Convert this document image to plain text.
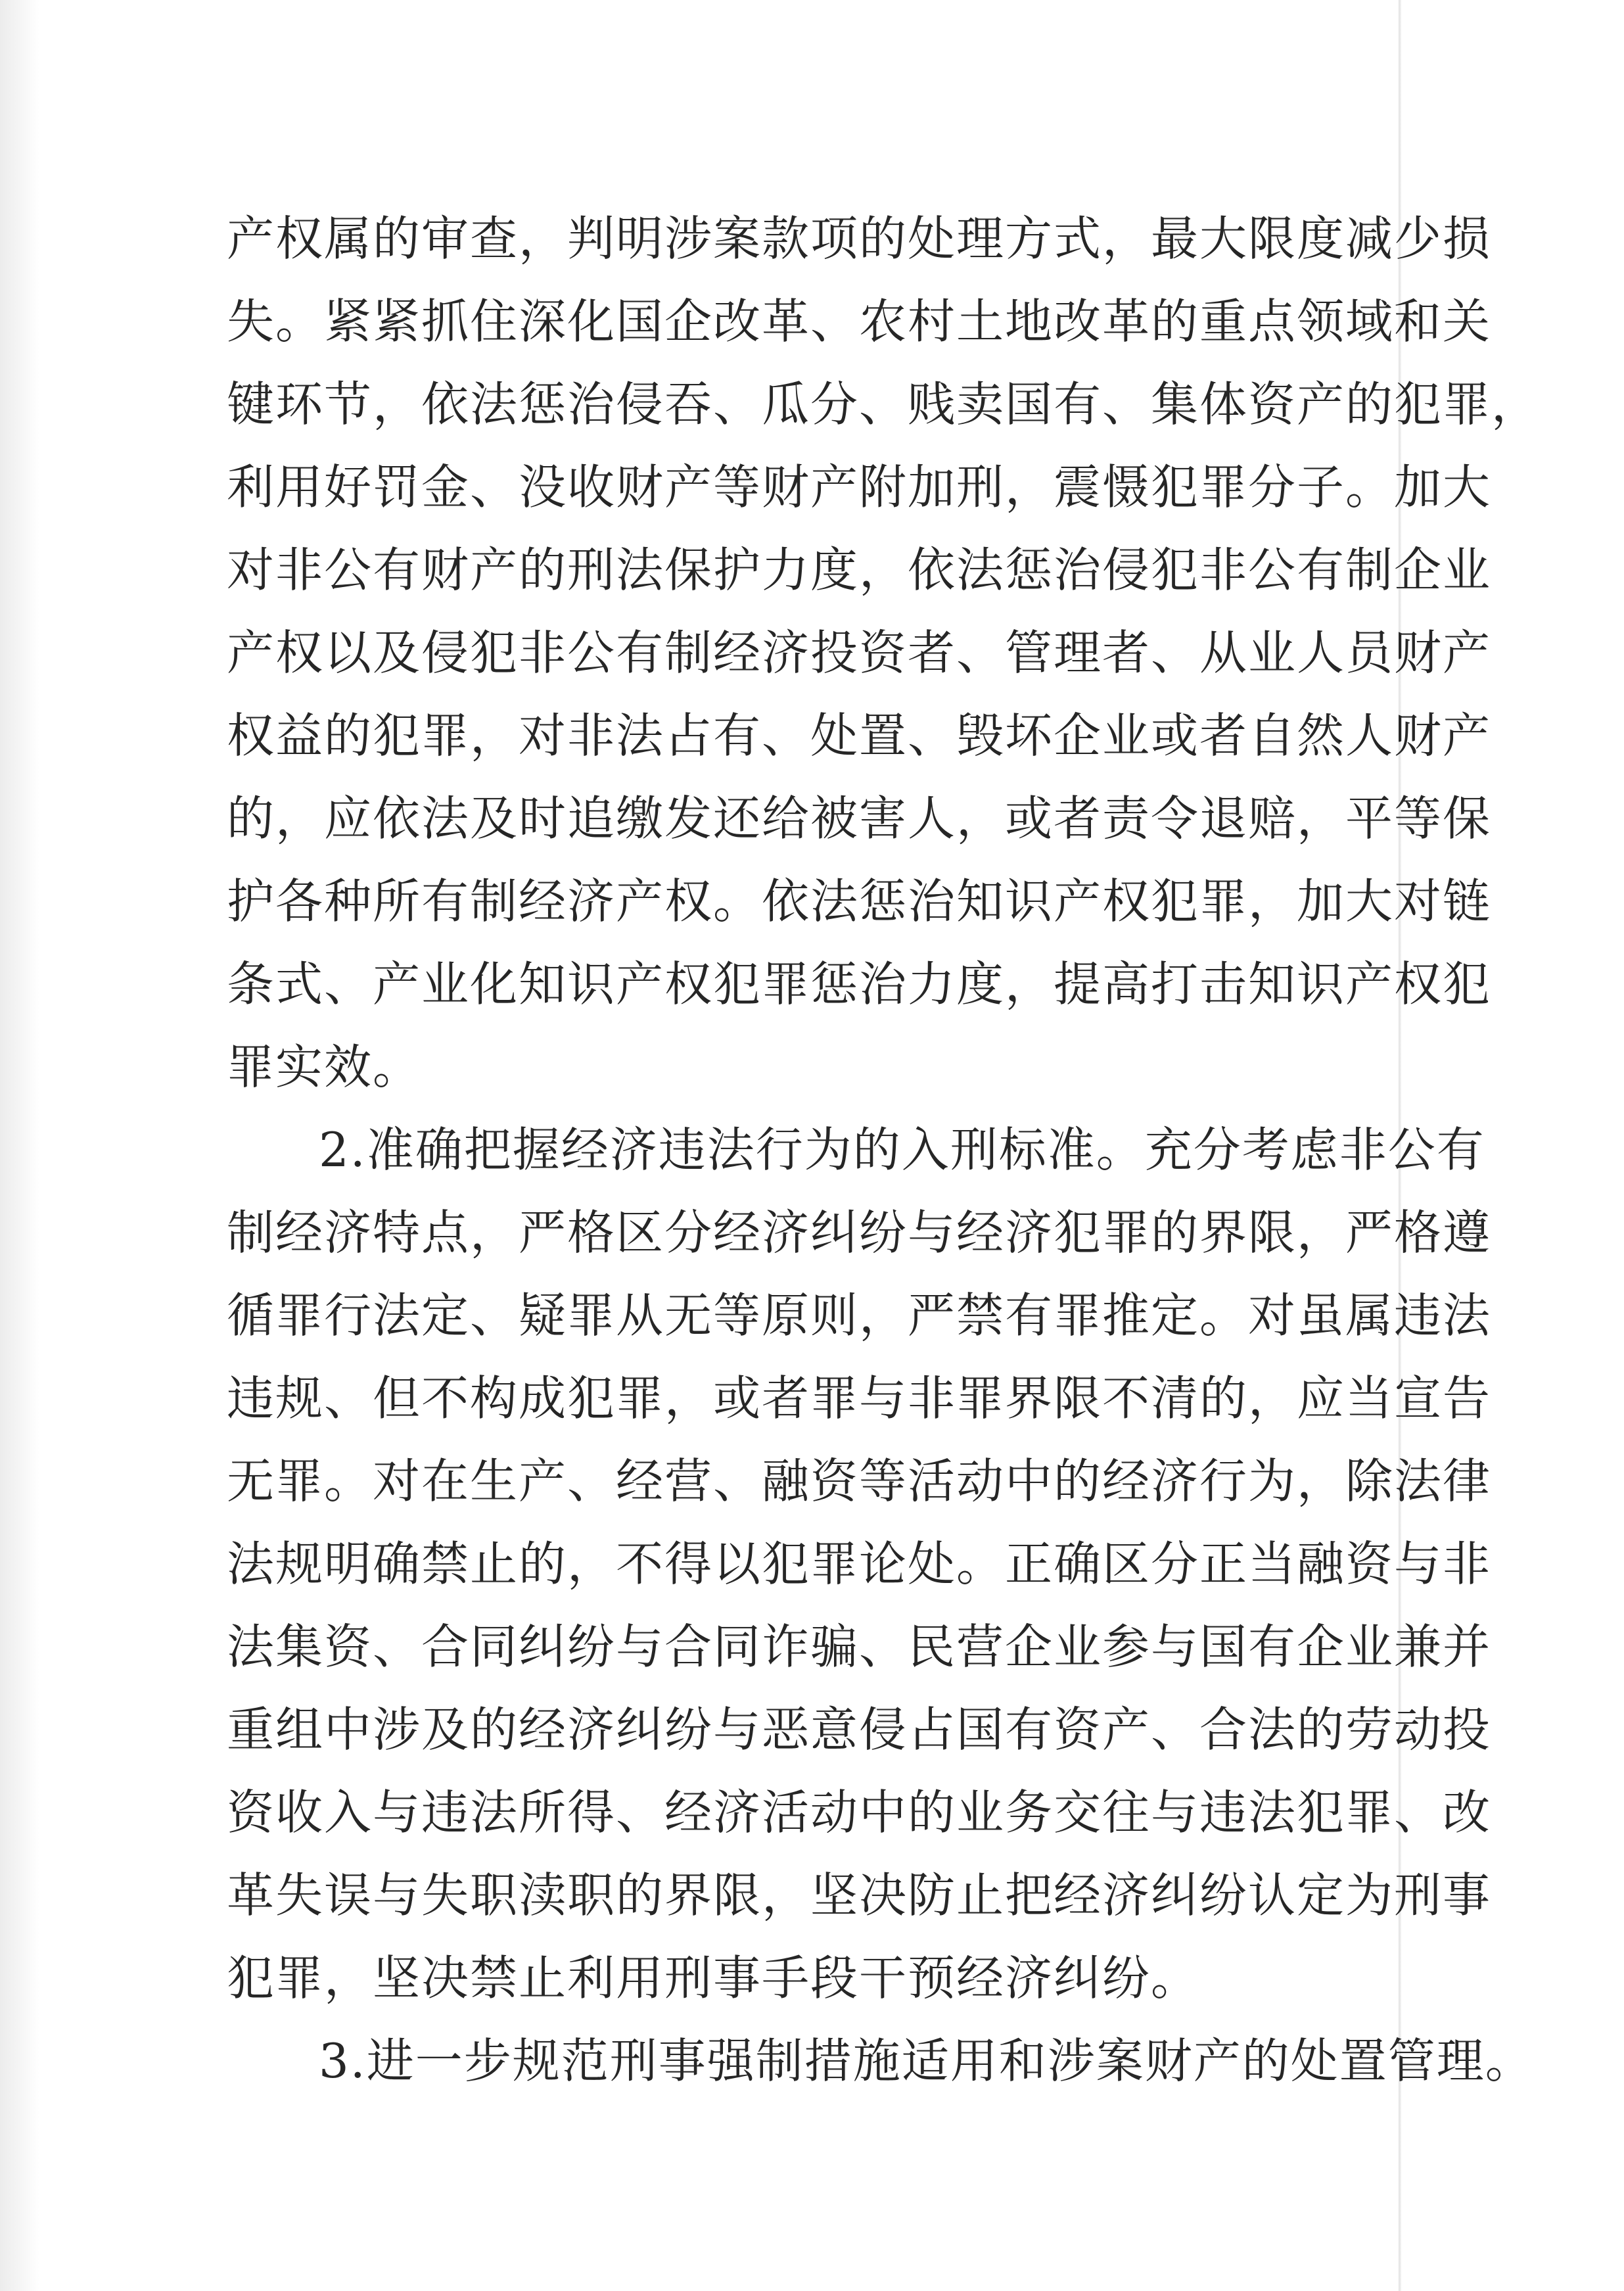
产权属的审查，判明涉案款项的处理方式，最大限度减少损
失。紧紧抓住深化国企改革、农村土地改革的重点领域和关
键环节，依法惩治侵吞、瓜分、贱卖国有、集体资产的犯罪，
利用好罚金、没收财产等财产附加刑，震慑犯罪分子。加大
对非公有财产的刑法保护力度，依法惩治侵犯非公有制企业
产权以及侵犯非公有制经济投资者、管理者、从业人员财产
权益的犯罪，对非法占有、处置、毁坏企业或者自然人财产
的，应依法及时追缴发还给被害人，或者责令退赔，平等保
护各种所有制经济产权。依法惩治知识产权犯罪，加大对链
条式、产业化知识产权犯罪惩治力度，提高打击知识产权犯
罪实效。
2.准确把握经济违法行为的入刑标准。充分考虑非公有
制经济特点，严格区分经济纠纷与经济犯罪的界限，严格遵
循罪行法定、疑罪从无等原则，严禁有罪推定。对虽属违法
违规、但不构成犯罪，或者罪与非罪界限不清的，应当宣告
无罪。对在生产、经营、融资等活动中的经济行为，除法律
法规明确禁止的，不得以犯罪论处。正确区分正当融资与非
法集资、合同纠纷与合同诈骗、民营企业参与国有企业兼并
重组中涉及的经济纠纷与恶意侵占国有资产、合法的劳动投
资收入与违法所得、经济活动中的业务交往与违法犯罪、改
革失误与失职渎职的界限，坚决防止把经济纠纷认定为刑事
犯罪，坚决禁止利用刑事手段干预经济纠纷。
3.进一步规范刑事强制措施适用和涉案财产的处置管理。
